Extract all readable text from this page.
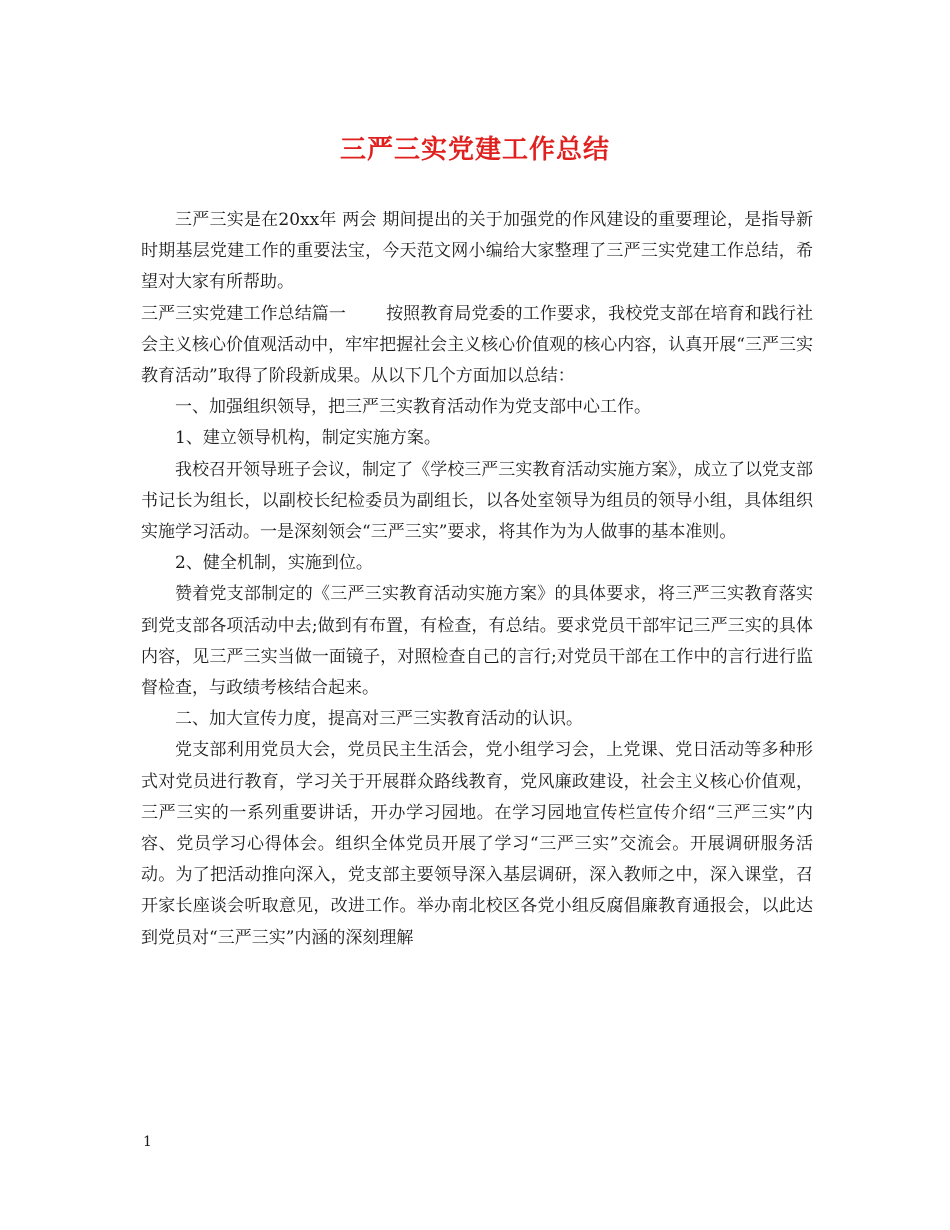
三严三实党建工作总结

三严三实是在20xx年 两会 期间提出的关于加强党的作风建设的重要理论，是指导新时期基层党建工作的重要法宝，今天范文网小编给大家整理了三严三实党建工作总结，希望对大家有所帮助。

三严三实党建工作总结篇一 按照教育局党委的工作要求，我校党支部在培育和践行社会主义核心价值观活动中，牢牢把握社会主义核心价值观的核心内容，认真开展“三严三实教育活动”取得了阶段新成果。从以下几个方面加以总结：

一、加强组织领导，把三严三实教育活动作为党支部中心工作。

1、建立领导机构，制定实施方案。

我校召开领导班子会议，制定了《学校三严三实教育活动实施方案》，成立了以党支部书记长为组长，以副校长纪检委员为副组长，以各处室领导为组员的领导小组，具体组织实施学习活动。一是深刻领会“三严三实”要求，将其作为为人做事的基本准则。

2、健全机制，实施到位。

赞着党支部制定的《三严三实教育活动实施方案》的具体要求，将三严三实教育落实到党支部各项活动中去;做到有布置，有检查，有总结。要求党员干部牢记三严三实的具体内容，见三严三实当做一面镜子，对照检查自己的言行;对党员干部在工作中的言行进行监督检查，与政绩考核结合起来。

二、加大宣传力度，提高对三严三实教育活动的认识。

党支部利用党员大会，党员民主生活会，党小组学习会，上党课、党日活动等多种形式对党员进行教育，学习关于开展群众路线教育，党风廉政建设，社会主义核心价值观，三严三实的一系列重要讲话，开办学习园地。在学习园地宣传栏宣传介绍“三严三实”内容、党员学习心得体会。组织全体党员开展了学习“三严三实”交流会。开展调研服务活动。为了把活动推向深入，党支部主要领导深入基层调研，深入教师之中，深入课堂，召开家长座谈会听取意见，改进工作。举办南北校区各党小组反腐倡廉教育通报会，以此达到党员对“三严三实”内涵的深刻理解

1
